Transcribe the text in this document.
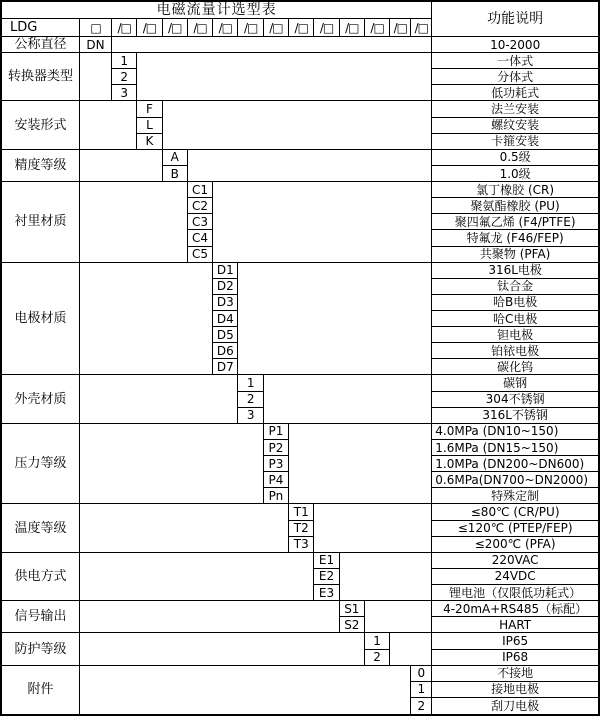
电磁流量计选型表
功能说明
LDG	□	/□ /□ /□ /□ /□ /□ /□ /□ /□ /□ /□ /□ /□
公称直径	DN	10-2000
转换器类型
1	一体式
2	分体式
3	低功耗式
安装形式
F	法兰安装
L	螺纹安装
K	卡箍安装
精度等级
A	0.5级
B	1.0级
衬里材质
C1	氯丁橡胶 (CR)
C2	聚氨酯橡胶 (PU)
C3	聚四氟乙烯 (F4/PTFE)
C4	特氟龙 (F46/FEP)
C5	共聚物 (PFA)
电极材质
D1	316L电极
D2	钛合金
D3	哈B电极
D4	哈C电极
D5	钽电极
D6	铂铱电极
D7	碳化钨
外壳材质
1	碳钢
2	304不锈钢
3	316L不锈钢
压力等级
P1	4.0MPa (DN10~150)
P2	1.6MPa (DN15~150)
P3	1.0MPa (DN200~DN600)
P4	0.6MPa(DN700~DN2000)
Pn	特殊定制
温度等级
T1	≤80℃ (CR/PU)
T2	≤120℃ (PTEP/FEP)
T3	≤200℃ (PFA)
供电方式
E1	220VAC
E2	24VDC
E3	锂电池（仅限低功耗式）
信号输出
S1	4-20mA+RS485（标配）
S2	HART
防护等级
1	IP65
2	IP68
附件
0	不接地
1	接地电极
2	刮刀电极
